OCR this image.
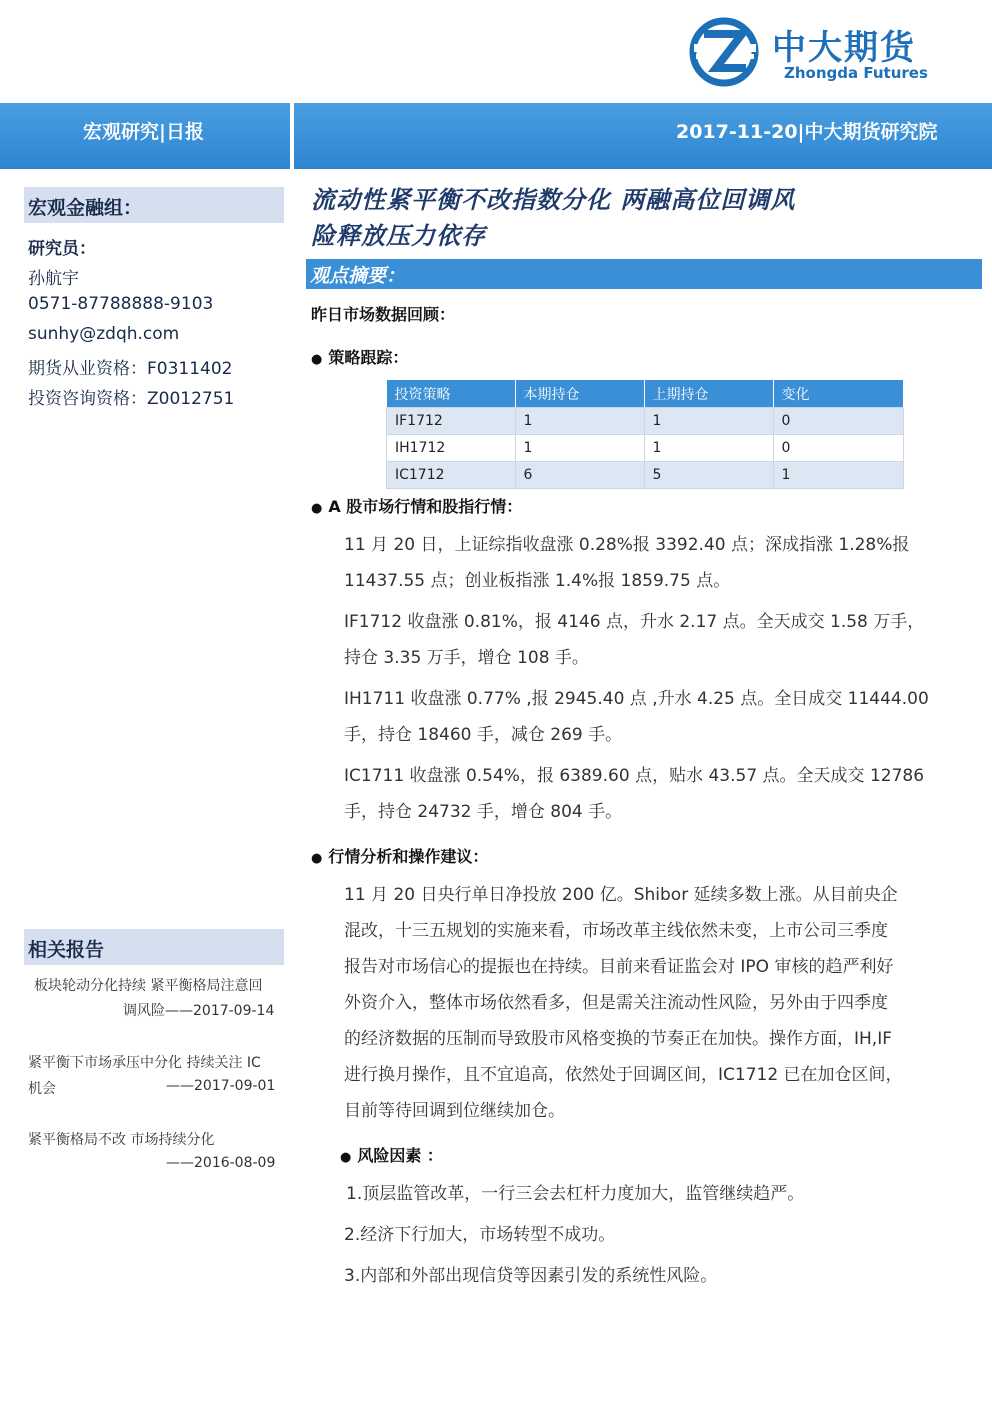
中大期货
Zhongda Futures
宏观研究|日报	2017-11-20|中大期货研究院
宏观金融组：
研究员：
孙航宇
0571-87788888-9103
sunhy@zdqh.com
期货从业资格：F0311402
投资咨询资格：Z0012751
相关报告
板块轮动分化持续 紧平衡格局注意回
调风险——2017-09-14
紧平衡下市场承压中分化 持续关注 IC
机会	——2017-09-01
紧平衡格局不改 市场持续分化
——2016-08-09
流动性紧平衡不改指数分化 两融高位回调风
险释放压力依存
观点摘要：
昨日市场数据回顾：
● 策略跟踪：
投资策略	本期持仓	上期持仓	变化
IF1712	1	1	0
IH1712	1	1	0
IC1712	6	5	1
● A 股市场行情和股指行情：
11 月 20 日，上证综指收盘涨 0.28%报 3392.40 点；深成指涨 1.28%报
11437.55 点；创业板指涨 1.4%报 1859.75 点。
IF1712 收盘涨 0.81%，报 4146 点，升水 2.17 点。全天成交 1.58 万手，
持仓 3.35 万手，增仓 108 手。
IH1711 收盘涨 0.77% ,报 2945.40 点 ,升水 4.25 点。全日成交 11444.00
手，持仓 18460 手，减仓 269 手。
IC1711 收盘涨 0.54%，报 6389.60 点，贴水 43.57 点。全天成交 12786
手，持仓 24732 手，增仓 804 手。
● 行情分析和操作建议：
11 月 20 日央行单日净投放 200 亿。Shibor 延续多数上涨。从目前央企
混改，十三五规划的实施来看，市场改革主线依然未变，上市公司三季度
报告对市场信心的提振也在持续。目前来看证监会对 IPO 审核的趋严利好
外资介入，整体市场依然看多，但是需关注流动性风险，另外由于四季度
的经济数据的压制而导致股市风格变换的节奏正在加快。操作方面，IH,IF
进行换月操作，且不宜追高，依然处于回调区间，IC1712 已在加仓区间，
目前等待回调到位继续加仓。
● 风险因素 ：
1.顶层监管改革，一行三会去杠杆力度加大，监管继续趋严。
2.经济下行加大，市场转型不成功。
3.内部和外部出现信贷等因素引发的系统性风险。
